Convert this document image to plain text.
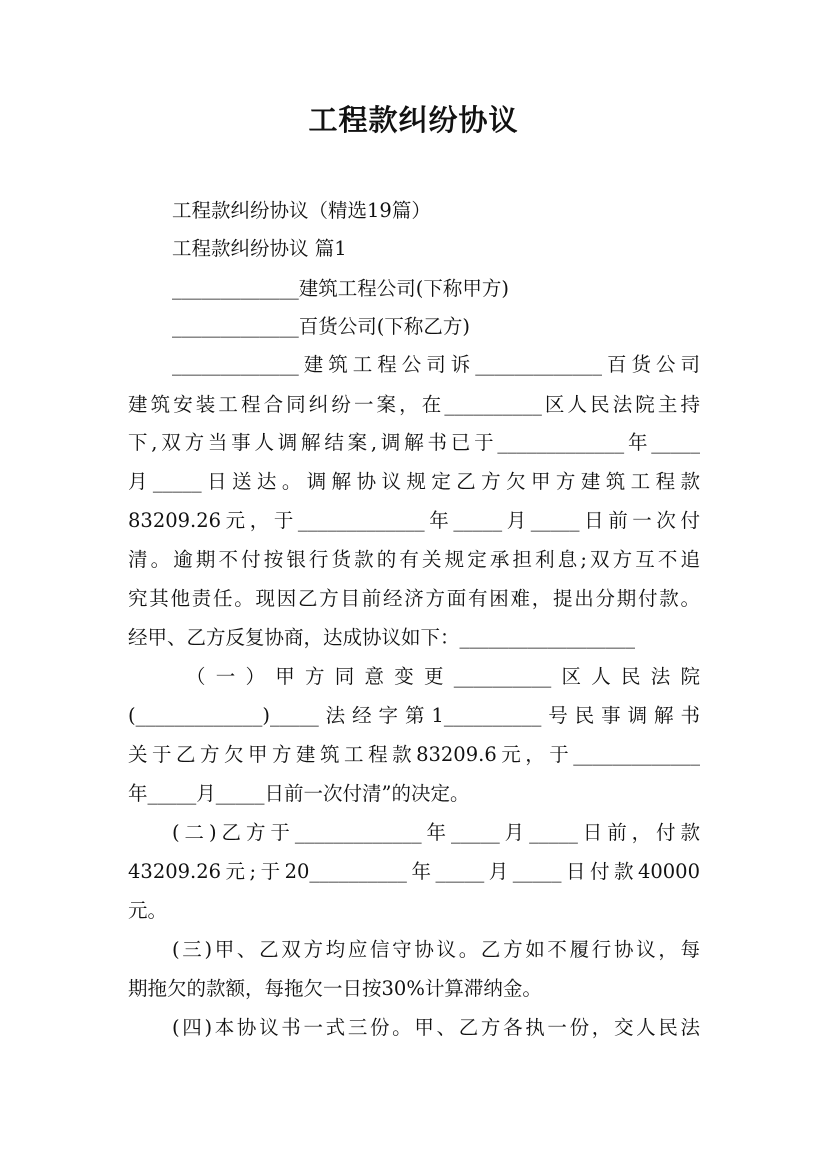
工程款纠纷协议
工程款纠纷协议（精选19篇）
工程款纠纷协议 篇1
_____________建筑工程公司(下称甲方)
_____________百货公司(下称乙方)
_____________建筑工程公司诉_____________百货公司
建筑安装工程合同纠纷一案，在__________区人民法院主持
下,双方当事人调解结案,调解书已于_____________年_____
月_____日送达。调解协议规定乙方欠甲方建筑工程款
83209.26元，于_____________年_____月_____日前一次付
清。逾期不付按银行货款的有关规定承担利息;双方互不追
究其他责任。现因乙方目前经济方面有困难，提出分期付款。
经甲、乙方反复协商，达成协议如下：__________________
（一）甲方同意变更__________区人民法院
(_____________)_____法经字第1__________号民事调解书
关于乙方欠甲方建筑工程款83209.6元，于_____________
年_____月_____日前一次付清”的决定。
(二)乙方于_____________年_____月_____日前，付款
43209.26元;于20__________年_____月_____日付款40000
元。
(三)甲、乙双方均应信守协议。乙方如不履行协议，每
期拖欠的款额，每拖欠一日按30%计算滞纳金。
(四)本协议书一式三份。甲、乙方各执一份，交人民法
